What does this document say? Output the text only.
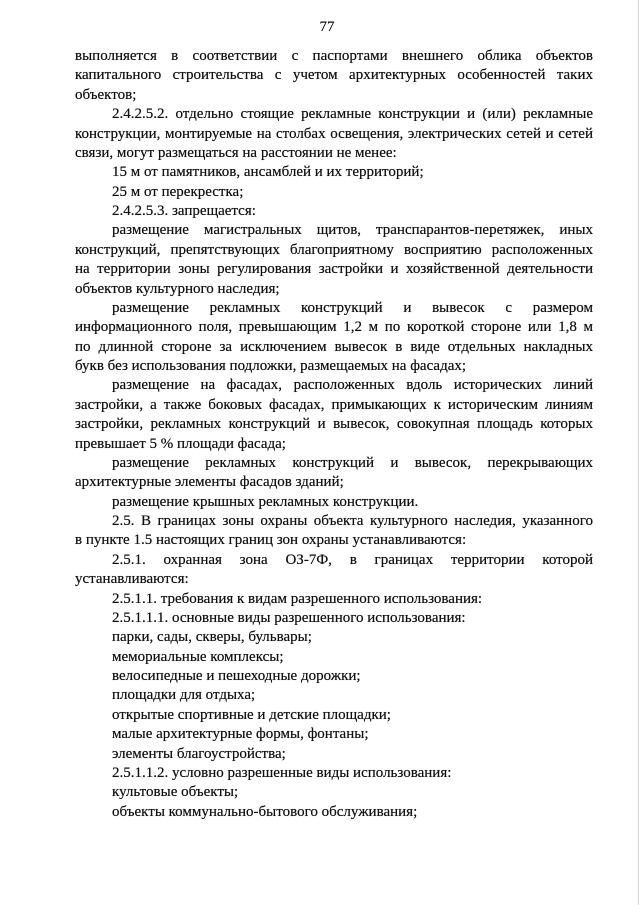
77
выполняется в соответствии с паспортами внешнего облика объектов
капитального строительства с учетом архитектурных особенностей таких
объектов;
2.4.2.5.2. отдельно стоящие рекламные конструкции и (или) рекламные
конструкции, монтируемые на столбах освещения, электрических сетей и сетей
связи, могут размещаться на расстоянии не менее:
15 м от памятников, ансамблей и их территорий;
25 м от перекрестка;
2.4.2.5.3. запрещается:
размещение магистральных щитов, транспарантов-перетяжек, иных
конструкций, препятствующих благоприятному восприятию расположенных
на территории зоны регулирования застройки и хозяйственной деятельности
объектов культурного наследия;
размещение рекламных конструкций и вывесок с размером
информационного поля, превышающим 1,2 м по короткой стороне или 1,8 м
по длинной стороне за исключением вывесок в виде отдельных накладных
букв без использования подложки, размещаемых на фасадах;
размещение на фасадах, расположенных вдоль исторических линий
застройки, а также боковых фасадах, примыкающих к историческим линиям
застройки, рекламных конструкций и вывесок, совокупная площадь которых
превышает 5 % площади фасада;
размещение рекламных конструкций и вывесок, перекрывающих
архитектурные элементы фасадов зданий;
размещение крышных рекламных конструкции.
2.5. В границах зоны охраны объекта культурного наследия, указанного
в пункте 1.5 настоящих границ зон охраны устанавливаются:
2.5.1. охранная зона ОЗ-7Ф, в границах территории которой
устанавливаются:
2.5.1.1. требования к видам разрешенного использования:
2.5.1.1.1. основные виды разрешенного использования:
парки, сады, скверы, бульвары;
мемориальные комплексы;
велосипедные и пешеходные дорожки;
площадки для отдыха;
открытые спортивные и детские площадки;
малые архитектурные формы, фонтаны;
элементы благоустройства;
2.5.1.1.2. условно разрешенные виды использования:
культовые объекты;
объекты коммунально-бытового обслуживания;
